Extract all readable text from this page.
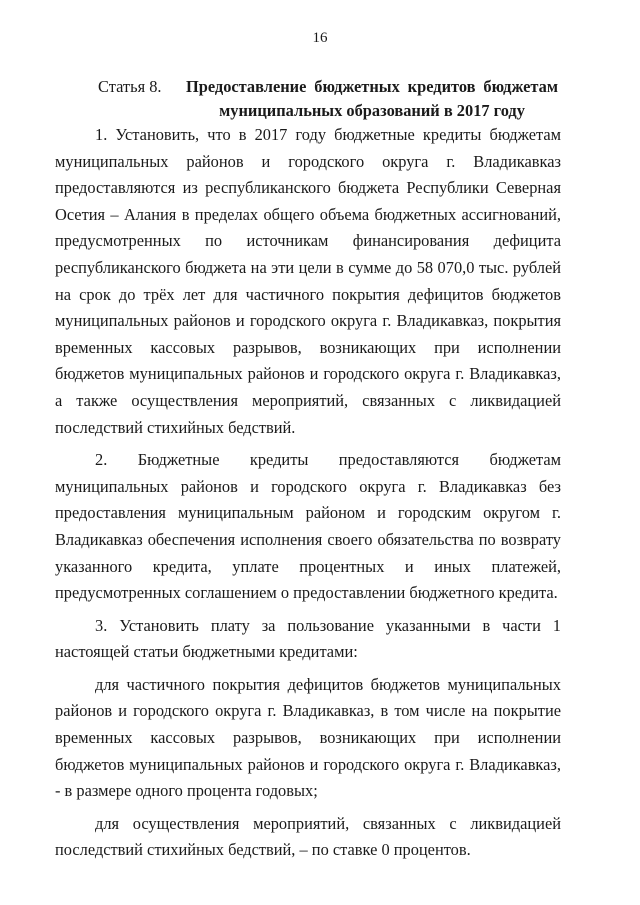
16
Статья 8.	Предоставление бюджетных кредитов бюджетам
муниципальных образований в 2017 году

1. Установить, что в 2017 году бюджетные кредиты бюджетам муниципальных районов и городского округа г. Владикавказ предоставляются из республиканского бюджета Республики Северная Осетия – Алания в пределах общего объема бюджетных ассигнований, предусмотренных по источникам финансирования дефицита республиканского бюджета на эти цели в сумме до 58 070,0 тыс. рублей на срок до трёх лет для частичного покрытия дефицитов бюджетов муниципальных районов и городского округа г. Владикавказ, покрытия временных кассовых разрывов, возникающих при исполнении бюджетов муниципальных районов и городского округа г. Владикавказ, а также осуществления мероприятий, связанных с ликвидацией последствий стихийных бедствий.

2. Бюджетные кредиты предоставляются бюджетам муниципальных районов и городского округа г. Владикавказ без предоставления муниципальным районом и городским округом г. Владикавказ обеспечения исполнения своего обязательства по возврату указанного кредита, уплате процентных и иных платежей, предусмотренных соглашением о предоставлении бюджетного кредита.

3. Установить плату за пользование указанными в части 1 настоящей статьи бюджетными кредитами:

для частичного покрытия дефицитов бюджетов муниципальных районов и городского округа г. Владикавказ, в том числе на покрытие временных кассовых разрывов, возникающих при исполнении бюджетов муниципальных районов и городского округа г. Владикавказ, - в размере одного процента годовых;

для осуществления мероприятий, связанных с ликвидацией последствий стихийных бедствий, – по ставке 0 процентов.
